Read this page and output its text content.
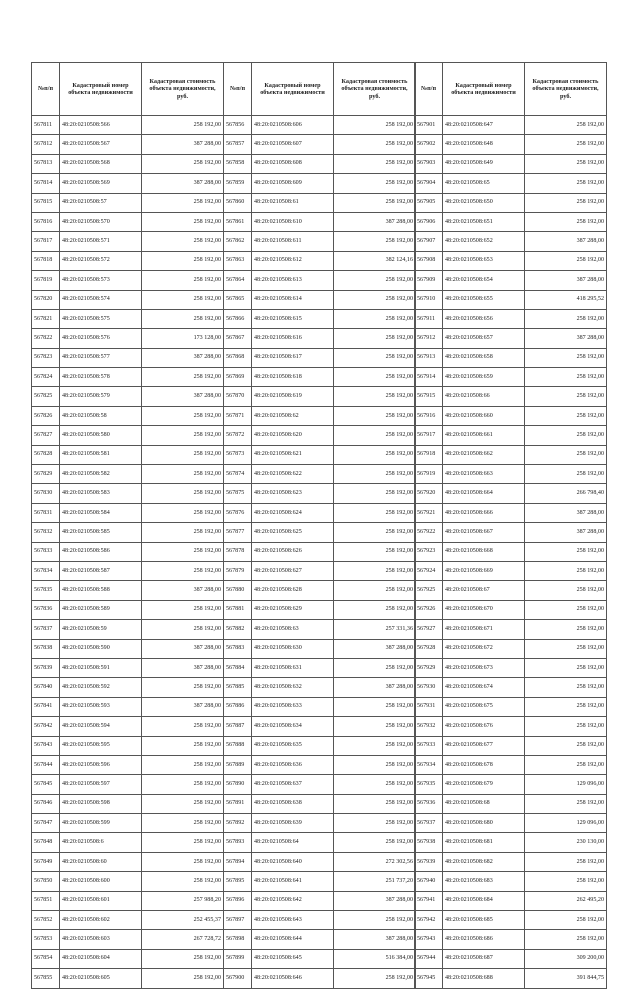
№п/п	Кадастровый номер объекта недвижимости	Кадастровая стоимость объекта недвижимости, руб.
567811	48:20:0210508:566	258 192,00
567812	48:20:0210508:567	387 288,00
567813	48:20:0210508:568	258 192,00
567814	48:20:0210508:569	387 288,00
567815	48:20:0210508:57	258 192,00
567816	48:20:0210508:570	258 192,00
567817	48:20:0210508:571	258 192,00
567818	48:20:0210508:572	258 192,00
567819	48:20:0210508:573	258 192,00
567820	48:20:0210508:574	258 192,00
567821	48:20:0210508:575	258 192,00
567822	48:20:0210508:576	173 128,00
567823	48:20:0210508:577	387 288,00
567824	48:20:0210508:578	258 192,00
567825	48:20:0210508:579	387 288,00
567826	48:20:0210508:58	258 192,00
567827	48:20:0210508:580	258 192,00
567828	48:20:0210508:581	258 192,00
567829	48:20:0210508:582	258 192,00
567830	48:20:0210508:583	258 192,00
567831	48:20:0210508:584	258 192,00
567832	48:20:0210508:585	258 192,00
567833	48:20:0210508:586	258 192,00
567834	48:20:0210508:587	258 192,00
567835	48:20:0210508:588	387 288,00
567836	48:20:0210508:589	258 192,00
567837	48:20:0210508:59	258 192,00
567838	48:20:0210508:590	387 288,00
567839	48:20:0210508:591	387 288,00
567840	48:20:0210508:592	258 192,00
567841	48:20:0210508:593	387 288,00
567842	48:20:0210508:594	258 192,00
567843	48:20:0210508:595	258 192,00
567844	48:20:0210508:596	258 192,00
567845	48:20:0210508:597	258 192,00
567846	48:20:0210508:598	258 192,00
567847	48:20:0210508:599	258 192,00
567848	48:20:0210508:6	258 192,00
567849	48:20:0210508:60	258 192,00
567850	48:20:0210508:600	258 192,00
567851	48:20:0210508:601	257 988,20
567852	48:20:0210508:602	252 455,37
567853	48:20:0210508:603	267 728,72
567854	48:20:0210508:604	258 192,00
567855	48:20:0210508:605	258 192,00
№п/п	Кадастровый номер объекта недвижимости	Кадастровая стоимость объекта недвижимости, руб.
567856	48:20:0210508:606	258 192,00
567857	48:20:0210508:607	258 192,00
567858	48:20:0210508:608	258 192,00
567859	48:20:0210508:609	258 192,00
567860	48:20:0210508:61	258 192,00
567861	48:20:0210508:610	387 288,00
567862	48:20:0210508:611	258 192,00
567863	48:20:0210508:612	382 124,16
567864	48:20:0210508:613	258 192,00
567865	48:20:0210508:614	258 192,00
567866	48:20:0210508:615	258 192,00
567867	48:20:0210508:616	258 192,00
567868	48:20:0210508:617	258 192,00
567869	48:20:0210508:618	258 192,00
567870	48:20:0210508:619	258 192,00
567871	48:20:0210508:62	258 192,00
567872	48:20:0210508:620	258 192,00
567873	48:20:0210508:621	258 192,00
567874	48:20:0210508:622	258 192,00
567875	48:20:0210508:623	258 192,00
567876	48:20:0210508:624	258 192,00
567877	48:20:0210508:625	258 192,00
567878	48:20:0210508:626	258 192,00
567879	48:20:0210508:627	258 192,00
567880	48:20:0210508:628	258 192,00
567881	48:20:0210508:629	258 192,00
567882	48:20:0210508:63	257 331,36
567883	48:20:0210508:630	387 288,00
567884	48:20:0210508:631	258 192,00
567885	48:20:0210508:632	387 288,00
567886	48:20:0210508:633	258 192,00
567887	48:20:0210508:634	258 192,00
567888	48:20:0210508:635	258 192,00
567889	48:20:0210508:636	258 192,00
567890	48:20:0210508:637	258 192,00
567891	48:20:0210508:638	258 192,00
567892	48:20:0210508:639	258 192,00
567893	48:20:0210508:64	258 192,00
567894	48:20:0210508:640	272 302,56
567895	48:20:0210508:641	251 737,20
567896	48:20:0210508:642	387 288,00
567897	48:20:0210508:643	258 192,00
567898	48:20:0210508:644	387 288,00
567899	48:20:0210508:645	516 384,00
567900	48:20:0210508:646	258 192,00
№п/п	Кадастровый номер объекта недвижимости	Кадастровая стоимость объекта недвижимости, руб.
567901	48:20:0210508:647	258 192,00
567902	48:20:0210508:648	258 192,00
567903	48:20:0210508:649	258 192,00
567904	48:20:0210508:65	258 192,00
567905	48:20:0210508:650	258 192,00
567906	48:20:0210508:651	258 192,00
567907	48:20:0210508:652	387 288,00
567908	48:20:0210508:653	258 192,00
567909	48:20:0210508:654	387 288,00
567910	48:20:0210508:655	418 295,52
567911	48:20:0210508:656	258 192,00
567912	48:20:0210508:657	387 288,00
567913	48:20:0210508:658	258 192,00
567914	48:20:0210508:659	258 192,00
567915	48:20:0210508:66	258 192,00
567916	48:20:0210508:660	258 192,00
567917	48:20:0210508:661	258 192,00
567918	48:20:0210508:662	258 192,00
567919	48:20:0210508:663	258 192,00
567920	48:20:0210508:664	266 798,40
567921	48:20:0210508:666	387 288,00
567922	48:20:0210508:667	387 288,00
567923	48:20:0210508:668	258 192,00
567924	48:20:0210508:669	258 192,00
567925	48:20:0210508:67	258 192,00
567926	48:20:0210508:670	258 192,00
567927	48:20:0210508:671	258 192,00
567928	48:20:0210508:672	258 192,00
567929	48:20:0210508:673	258 192,00
567930	48:20:0210508:674	258 192,00
567931	48:20:0210508:675	258 192,00
567932	48:20:0210508:676	258 192,00
567933	48:20:0210508:677	258 192,00
567934	48:20:0210508:678	258 192,00
567935	48:20:0210508:679	129 096,00
567936	48:20:0210508:68	258 192,00
567937	48:20:0210508:680	129 096,00
567938	48:20:0210508:681	230 130,00
567939	48:20:0210508:682	258 192,00
567940	48:20:0210508:683	258 192,00
567941	48:20:0210508:684	262 495,20
567942	48:20:0210508:685	258 192,00
567943	48:20:0210508:686	258 192,00
567944	48:20:0210508:687	309 200,00
567945	48:20:0210508:688	391 844,75
